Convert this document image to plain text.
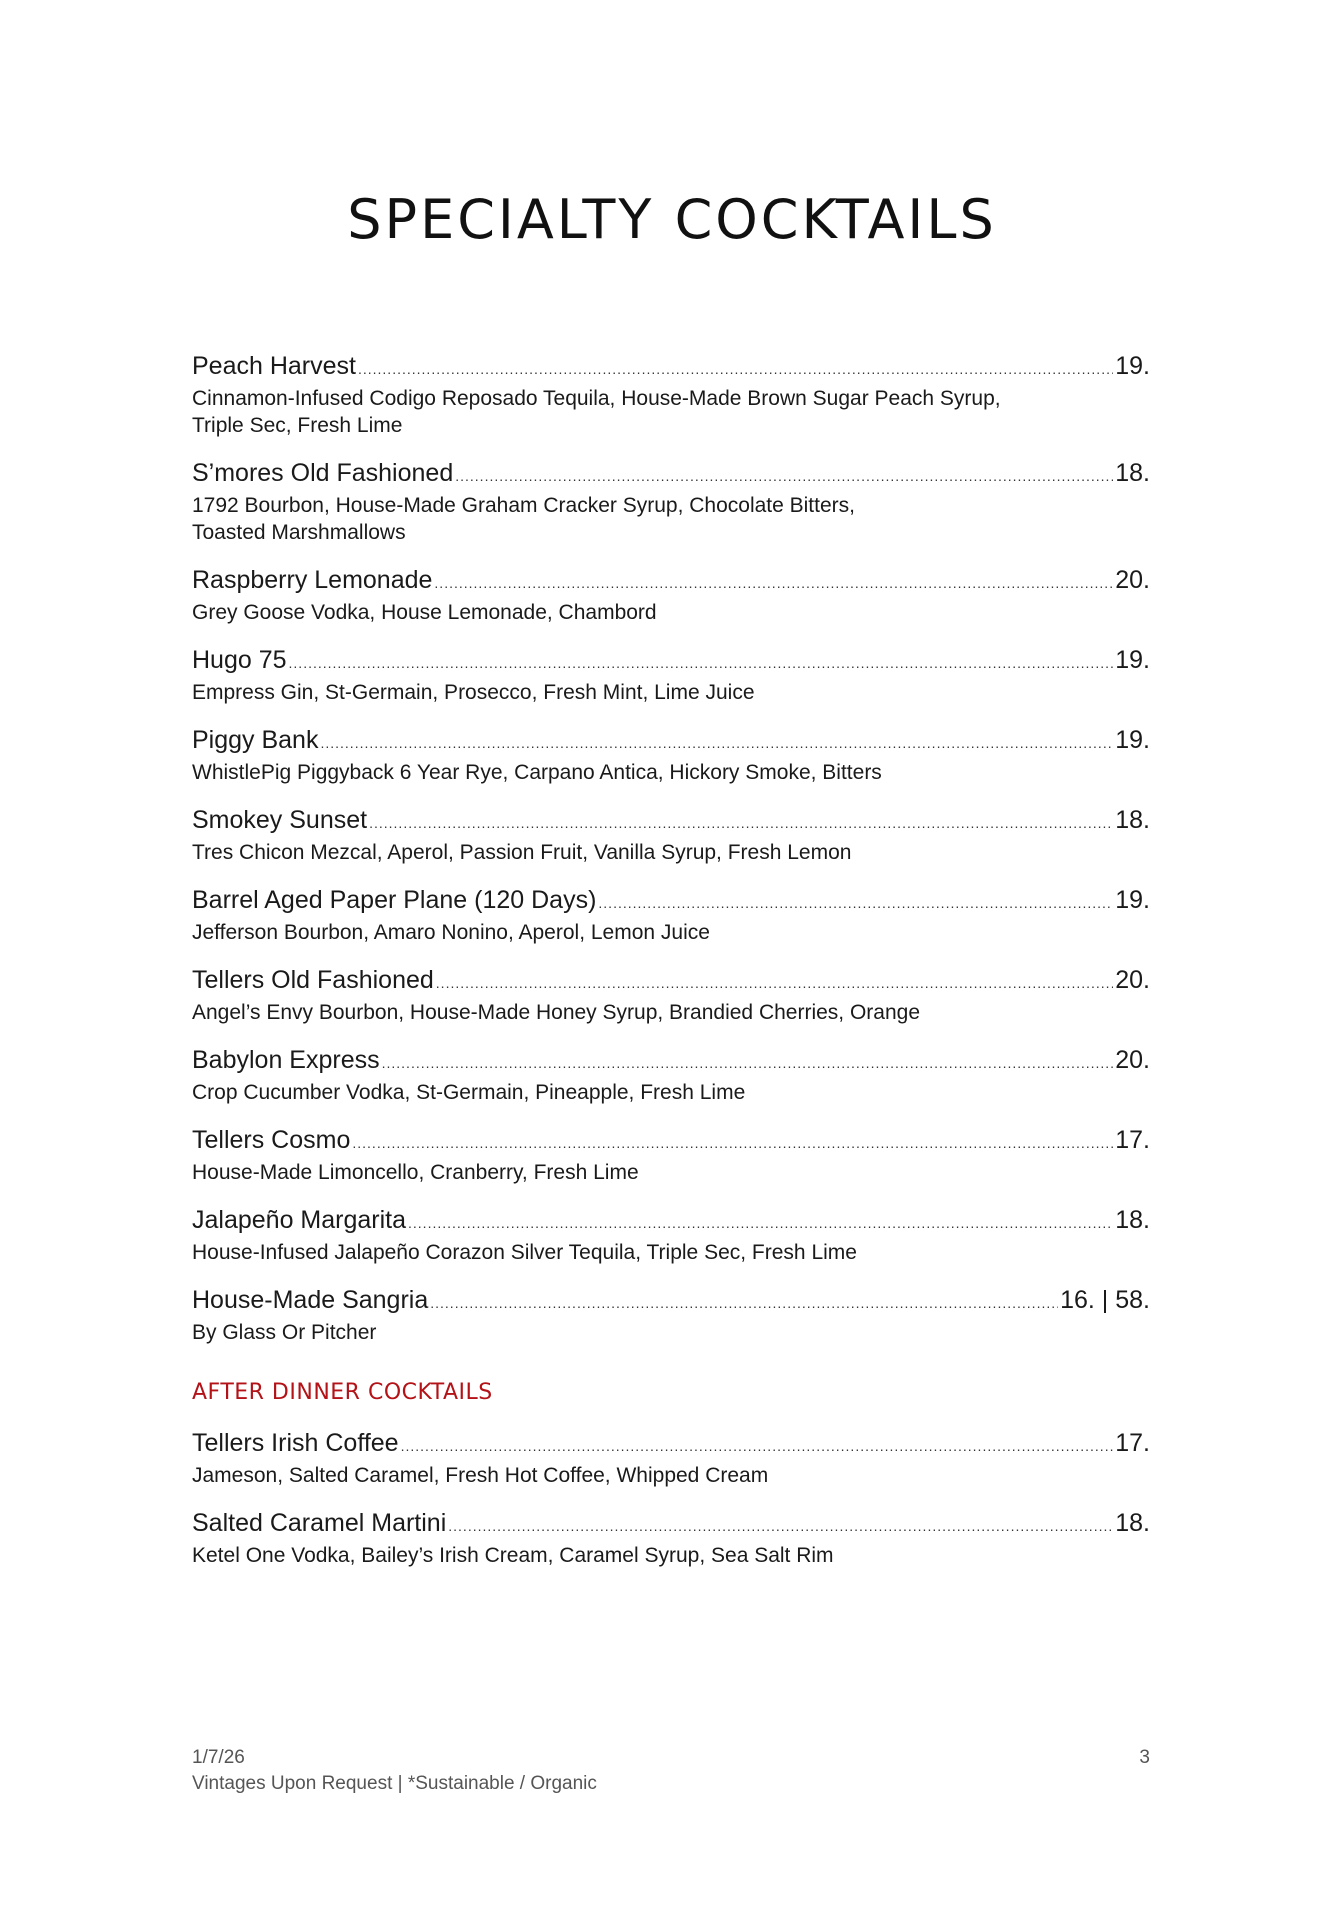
SPECIALTY COCKTAILS
Peach Harvest .....	19.
Cinnamon-Infused Codigo Reposado Tequila, House-Made Brown Sugar Peach Syrup, Triple Sec, Fresh Lime
S’mores Old Fashioned .....	18.
1792 Bourbon, House-Made Graham Cracker Syrup, Chocolate Bitters, Toasted Marshmallows
Raspberry Lemonade .....	20.
Grey Goose Vodka, House Lemonade, Chambord
Hugo 75 .....	19.
Empress Gin, St-Germain, Prosecco, Fresh Mint, Lime Juice
Piggy Bank .....	19.
WhistlePig Piggyback 6 Year Rye, Carpano Antica, Hickory Smoke, Bitters
Smokey Sunset .....	18.
Tres Chicon Mezcal, Aperol, Passion Fruit, Vanilla Syrup, Fresh Lemon
Barrel Aged Paper Plane (120 Days) .....	19.
Jefferson Bourbon, Amaro Nonino, Aperol, Lemon Juice
Tellers Old Fashioned .....	20.
Angel’s Envy Bourbon, House-Made Honey Syrup, Brandied Cherries, Orange
Babylon Express .....	20.
Crop Cucumber Vodka, St-Germain, Pineapple, Fresh Lime
Tellers Cosmo .....	17.
House-Made Limoncello, Cranberry, Fresh Lime
Jalapeño Margarita .....	18.
House-Infused Jalapeño Corazon Silver Tequila, Triple Sec, Fresh Lime
House-Made Sangria .....	16. | 58.
By Glass Or Pitcher
AFTER DINNER COCKTAILS
Tellers Irish Coffee .....	17.
Jameson, Salted Caramel, Fresh Hot Coffee, Whipped Cream
Salted Caramel Martini .....	18.
Ketel One Vodka, Bailey’s Irish Cream, Caramel Syrup, Sea Salt Rim
1/7/26	3
Vintages Upon Request | *Sustainable / Organic
